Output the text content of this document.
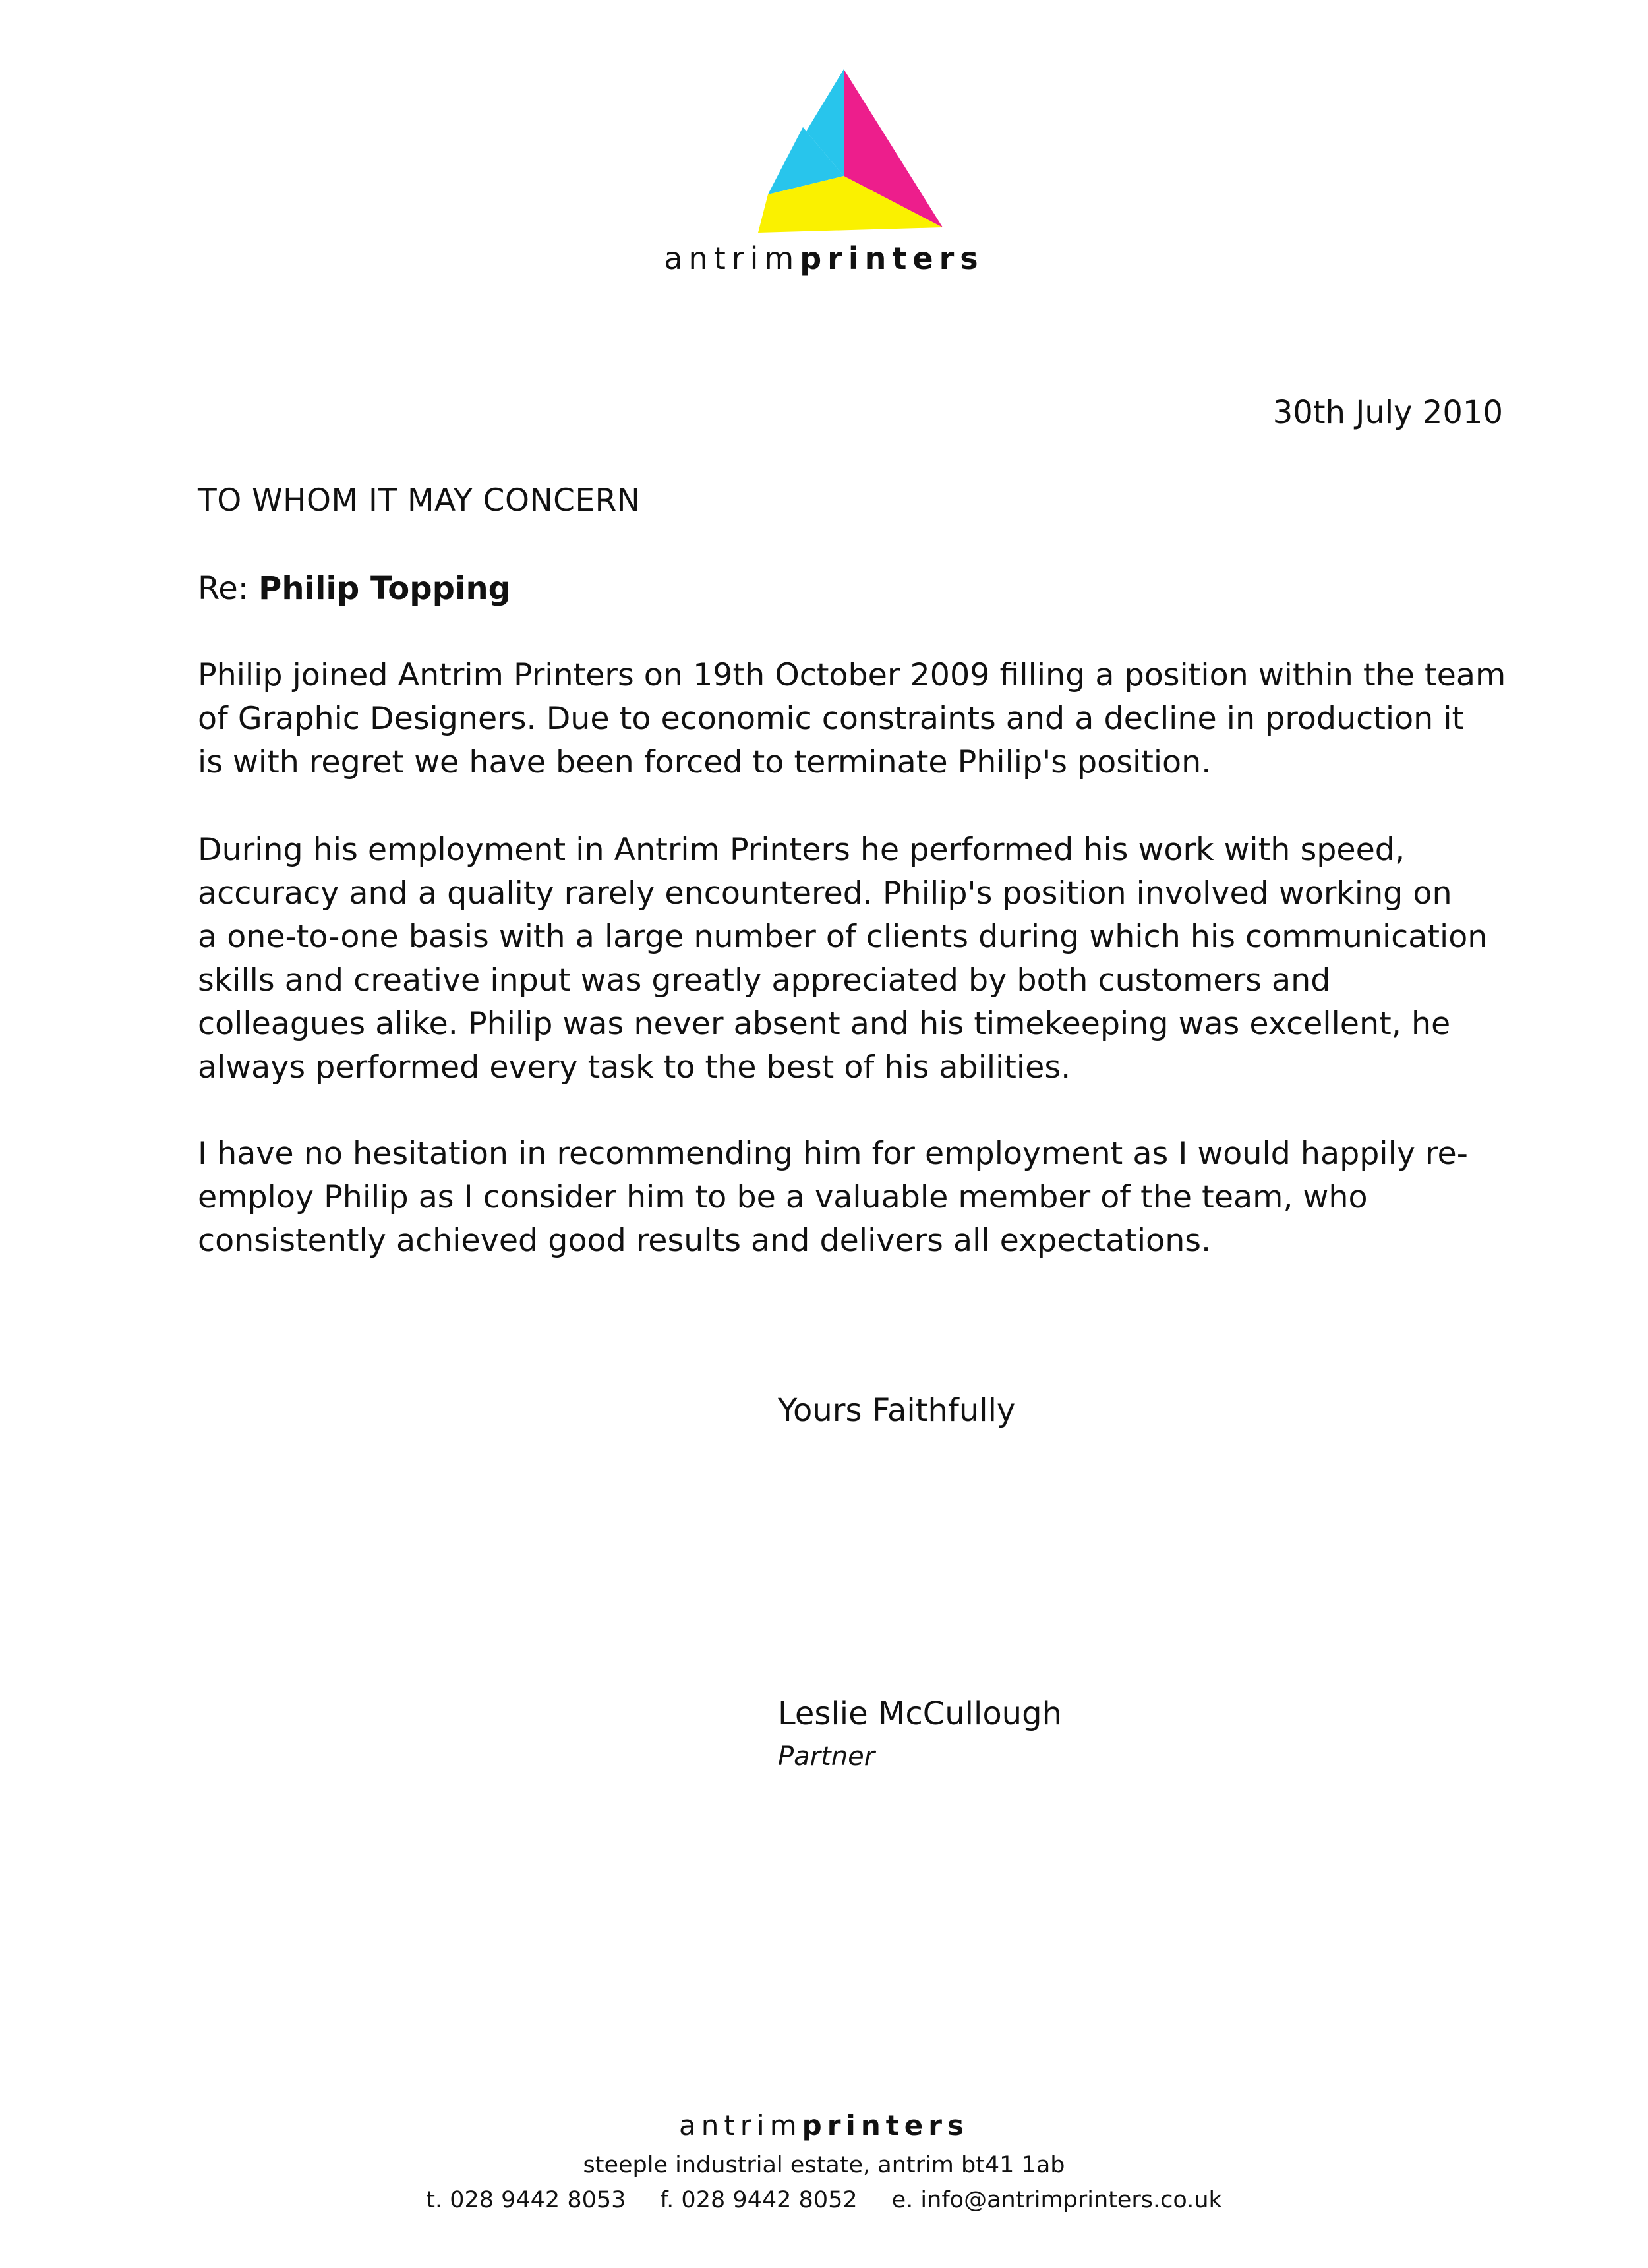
antrimprinters
30th July 2010
TO WHOM IT MAY CONCERN
Re: Philip Topping
Philip joined Antrim Printers on 19th October 2009 filling a position within the team
of Graphic Designers. Due to economic constraints and a decline in production it
is with regret we have been forced to terminate Philip's position.
During his employment in Antrim Printers he performed his work with speed,
accuracy and a quality rarely encountered. Philip's position involved working on
a one-to-one basis with a large number of clients during which his communication
skills and creative input was greatly appreciated by both customers and
colleagues alike. Philip was never absent and his timekeeping was excellent, he
always performed every task to the best of his abilities.
I have no hesitation in recommending him for employment as I would happily re-
employ Philip as I consider him to be a valuable member of the team, who
consistently achieved good results and delivers all expectations.
Yours Faithfully
Leslie McCullough
Partner
antrimprinters
steeple industrial estate, antrim bt41 1ab
t. 028 9442 8053 f. 028 9442 8052 e. info@antrimprinters.co.uk
